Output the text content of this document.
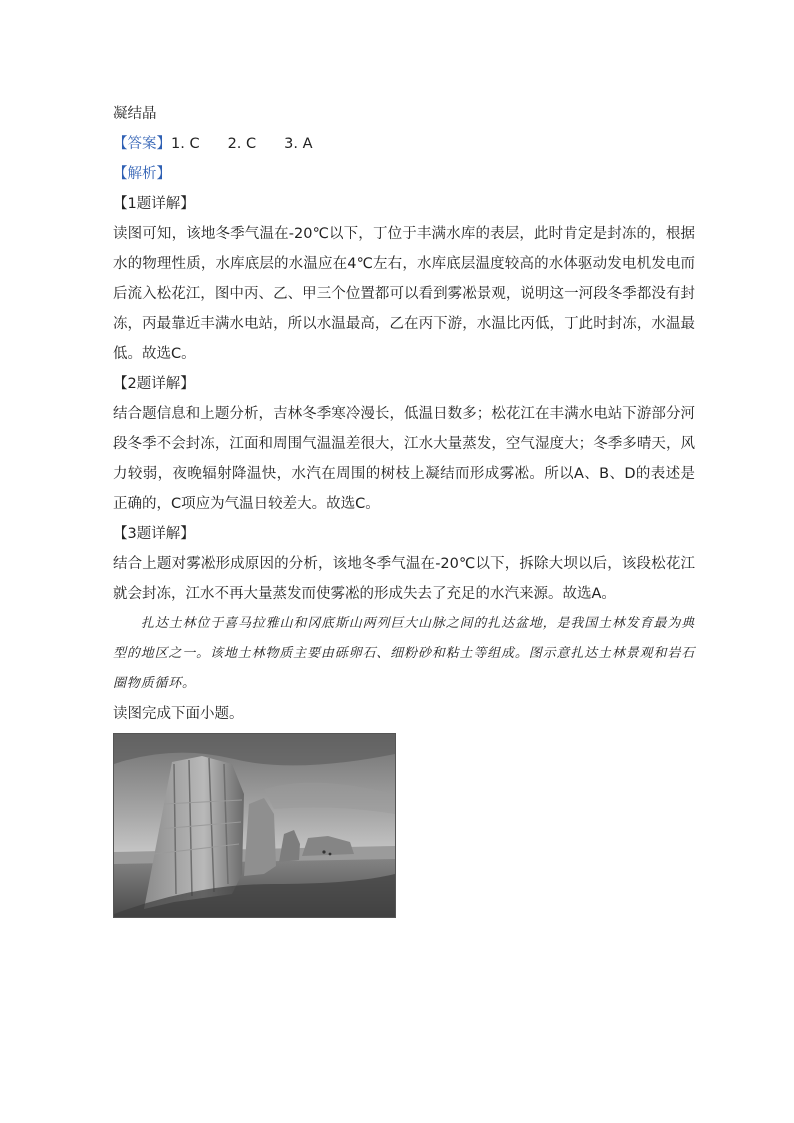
凝结晶
【答案】1. C 2. C 3. A
【解析】
【1题详解】
读图可知，该地冬季气温在-20℃以下，丁位于丰满水库的表层，此时肯定是封冻的，根据水的物理性质，水库底层的水温应在4℃左右，水库底层温度较高的水体驱动发电机发电而后流入松花江，图中丙、乙、甲三个位置都可以看到雾凇景观，说明这一河段冬季都没有封冻，丙最靠近丰满水电站，所以水温最高，乙在丙下游，水温比丙低，丁此时封冻，水温最低。故选C。
【2题详解】
结合题信息和上题分析，吉林冬季寒冷漫长，低温日数多；松花江在丰满水电站下游部分河段冬季不会封冻，江面和周围气温温差很大，江水大量蒸发，空气湿度大；冬季多晴天，风力较弱，夜晚辐射降温快，水汽在周围的树枝上凝结而形成雾凇。所以A、B、D的表述是正确的，C项应为气温日较差大。故选C。
【3题详解】
结合上题对雾凇形成原因的分析，该地冬季气温在-20℃以下，拆除大坝以后，该段松花江就会封冻，江水不再大量蒸发而使雾凇的形成失去了充足的水汽来源。故选A。
扎达土林位于喜马拉雅山和冈底斯山两列巨大山脉之间的扎达盆地，是我国土林发育最为典型的地区之一。该地土林物质主要由砾卵石、细粉砂和粘土等组成。图示意扎达土林景观和岩石圈物质循环。
读图完成下面小题。
